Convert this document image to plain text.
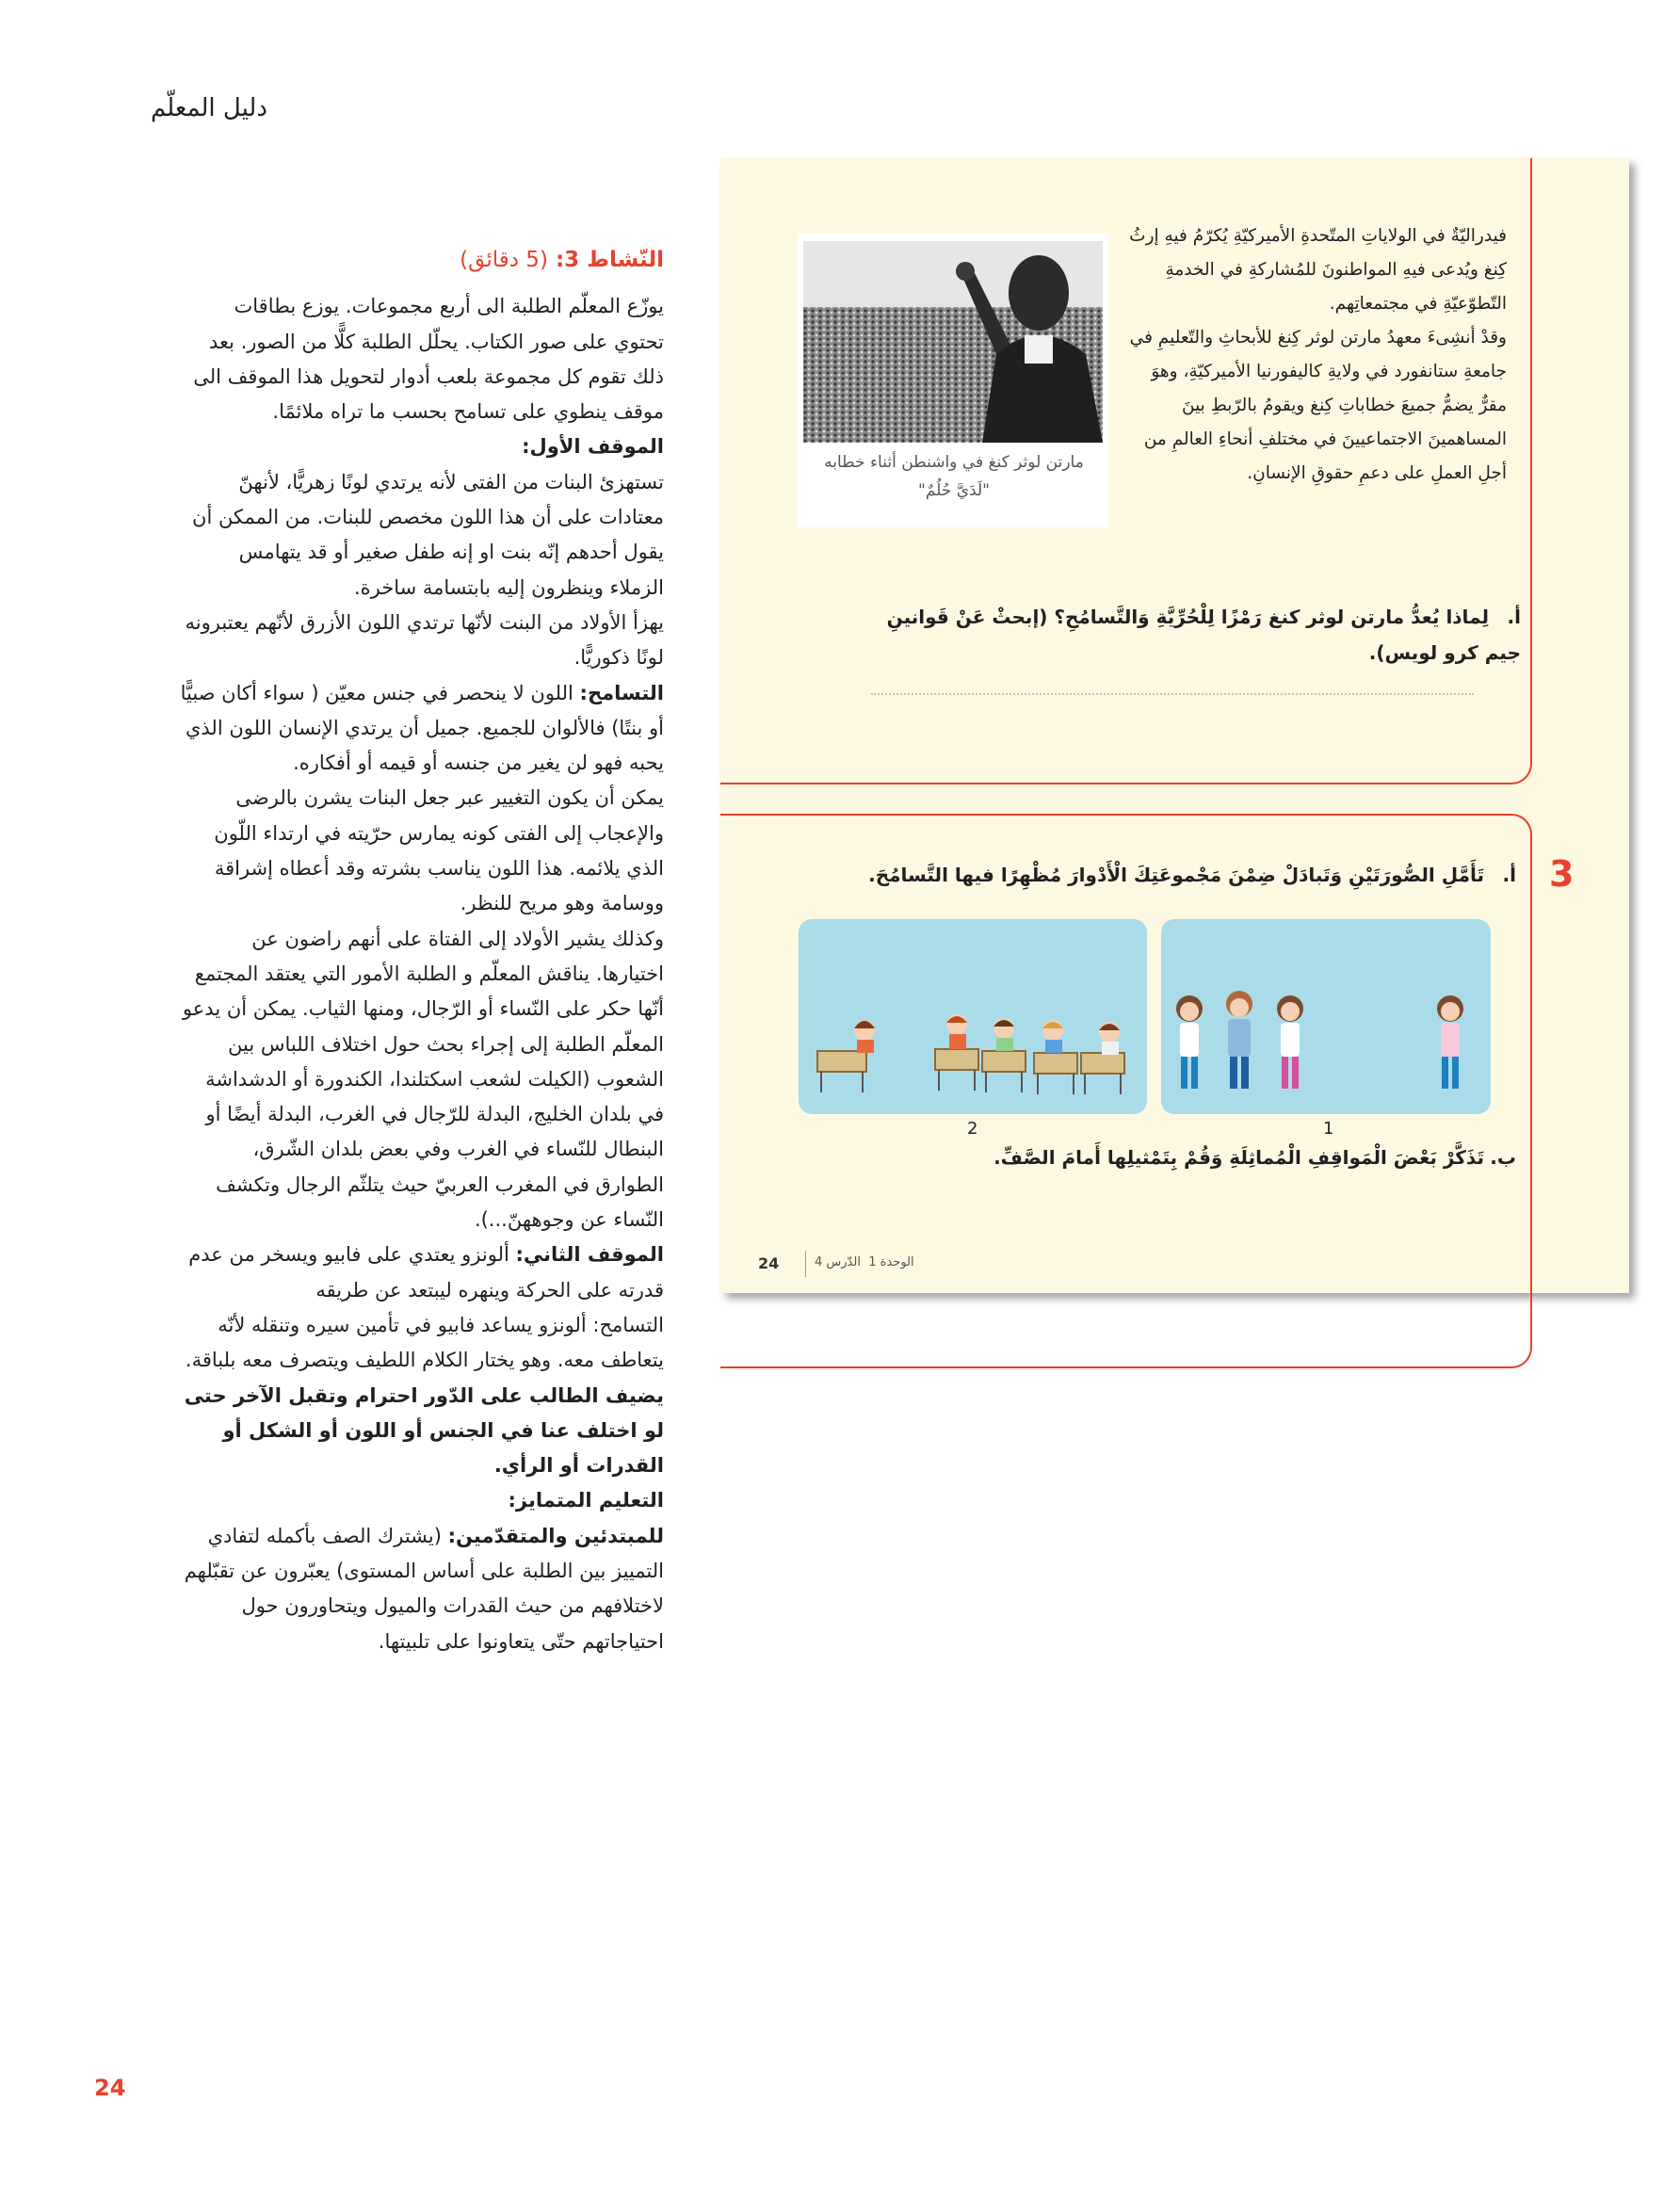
دليل المعلّم

النّشاط 3: (5 دقائق)

يوزّع المعلّم الطلبة الى أربع مجموعات. يوزع بطاقات تحتوي على صور الكتاب. يحلّل الطلبة كلًّا من الصور. بعد ذلك تقوم كل مجموعة بلعب أدوار لتحويل هذا الموقف الى موقف ينطوي على تسامح بحسب ما تراه ملائمًا.

الموقف الأول:

تستهزئ البنات من الفتى لأنه يرتدي لونًا زهريًّا، لأنهنّ معتادات على أن هذا اللون مخصص للبنات. من الممكن أن يقول أحدهم إنّه بنت او إنه طفل صغير أو قد يتهامس الزملاء وينظرون إليه بابتسامة ساخرة.

يهزأ الأولاد من البنت لأنّها ترتدي اللون الأزرق لأنّهم يعتبرونه لونًا ذكوريًّا.

التسامح: اللون لا ينحصر في جنس معيّن ( سواء أكان صبيًّا أو بنتًا) فالألوان للجميع. جميل أن يرتدي الإنسان اللون الذي يحبه فهو لن يغير من جنسه أو قيمه أو أفكاره.

يمكن أن يكون التغيير عبر جعل البنات يشرن بالرضى والإعجاب إلى الفتى كونه يمارس حرّيته في ارتداء اللّون الذي يلائمه. هذا اللون يناسب بشرته وقد أعطاه إشراقة ووسامة وهو مريح للنظر.

وكذلك يشير الأولاد إلى الفتاة على أنهم راضون عن اختيارها. يناقش المعلّم و الطلبة الأمور التي يعتقد المجتمع أنّها حكر على النّساء أو الرّجال، ومنها الثياب. يمكن أن يدعو المعلّم الطلبة إلى إجراء بحث حول اختلاف اللباس بين الشعوب (الكيلت لشعب اسكتلندا، الكندورة أو الدشداشة في بلدان الخليج، البدلة للرّجال في الغرب، البدلة أيضًا أو البنطال للنّساء في الغرب وفي بعض بلدان الشّرق، الطوارق في المغرب العربيّ حيث يتلثّم الرجال وتكشف النّساء عن وجوههنّ...).

الموقف الثاني: ألونزو يعتدي على فابيو ويسخر من عدم قدرته على الحركة وينهره ليبتعد عن طريقه

التسامح: ألونزو يساعد فابيو في تأمين سيره وتنقله لأنّه يتعاطف معه. وهو يختار الكلام اللطيف ويتصرف معه بلباقة.

يضيف الطالب على الدّور احترام وتقبل الآخر حتى لو اختلف عنا في الجنس أو اللون أو الشكل أو القدرات أو الرأي.

التعليم المتمايز:

للمبتدئين والمتقدّمين: (يشترك الصف بأكمله لتفادي التمييز بين الطلبة على أساس المستوى) يعبّرون عن تقبّلهم لاختلافهم من حيث القدرات والميول ويتحاورون حول احتياجاتهم حتّى يتعاونوا على تلبيتها.

24

فيدراليّةٌ في الولاياتِ المتّحدةِ الأميركيّةِ يُكرّمُ فيهِ إرثُ كِنغ ويُدعى فيهِ المواطنونَ للمُشاركةِ في الخدمةِ التّطوّعيّةِ في مجتمعاتِهم.

وقدْ أنشِىءَ معهدُ مارتن لوثر كِنغ للأبحاثِ والتّعليمِ في جامعةِ ستانفورد في ولايةِ كاليفورنيا الأميركيّةِ، وهوَ مقرٌّ يضمُّ جميعَ خطاباتِ كِنغ ويقومُ بالرّبطِ بينَ المساهمينَ الاجتماعيينَ في مختلفِ أنحاءِ العالمِ من أجلِ العملِ على دعمِ حقوقِ الإنسانِ.

مارتن لوثر كنغ في واشنطن أثناء خطابه "لَدَيَّ حُلُمٌ"
أ.لِماذا يُعدُّ مارتن لوثر كنغ رَمْزًا لِلْحُرِّيَّةِ وَالتَّسامُحِ؟ (إبحثْ عَنْ قَوانينِ جيم كرو لويس).
3
أ.تَأَمَّلِ الصُّورَتَيْنِ وَتَبادَلْ ضِمْنَ مَجْموعَتِكَ الْأَدْوارَ مُظْهِرًا فيها التَّسامُحَ.
1
2
ب.تَذَكَّرْ بَعْضَ الْمَواقِفِ الْمُماثِلَةِ وَقُمْ بِتَمْثيلِها أَمامَ الصَّفِّ.
24	الوحدة 1  الدّرس 4
